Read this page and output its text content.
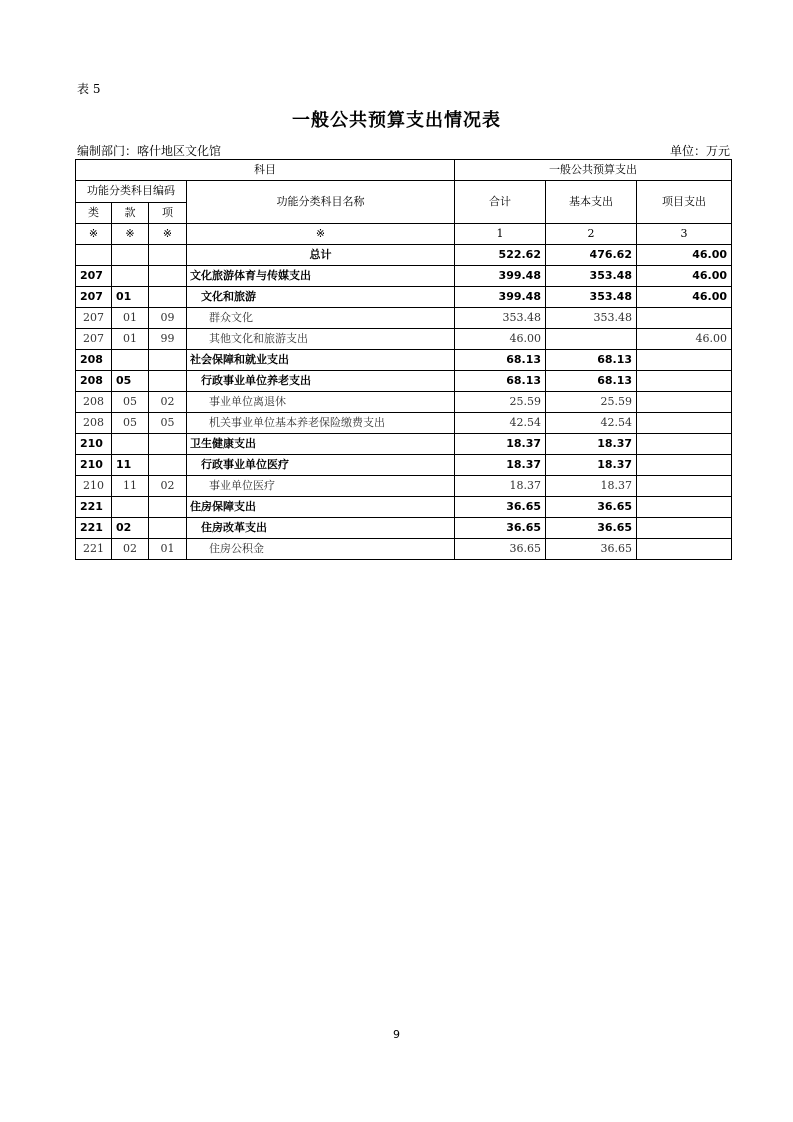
表 5
一般公共预算支出情况表
编制部门：喀什地区文化馆	单位：万元
科目				一般公共预算支出		
功能分类科目编码			功能分类科目名称	合计	基本支出	项目支出
类	款	项				
※	※	※	※	1	2	3
			总计	522.62	476.62	46.00
207			文化旅游体育与传媒支出	399.48	353.48	46.00
207	01		文化和旅游	399.48	353.48	46.00
207	01	09	群众文化	353.48	353.48	
207	01	99	其他文化和旅游支出	46.00		46.00
208			社会保障和就业支出	68.13	68.13	
208	05		行政事业单位养老支出	68.13	68.13	
208	05	02	事业单位离退休	25.59	25.59	
208	05	05	机关事业单位基本养老保险缴费支出	42.54	42.54	
210			卫生健康支出	18.37	18.37	
210	11		行政事业单位医疗	18.37	18.37	
210	11	02	事业单位医疗	18.37	18.37	
221			住房保障支出	36.65	36.65	
221	02		住房改革支出	36.65	36.65	
221	02	01	住房公积金	36.65	36.65	
9
